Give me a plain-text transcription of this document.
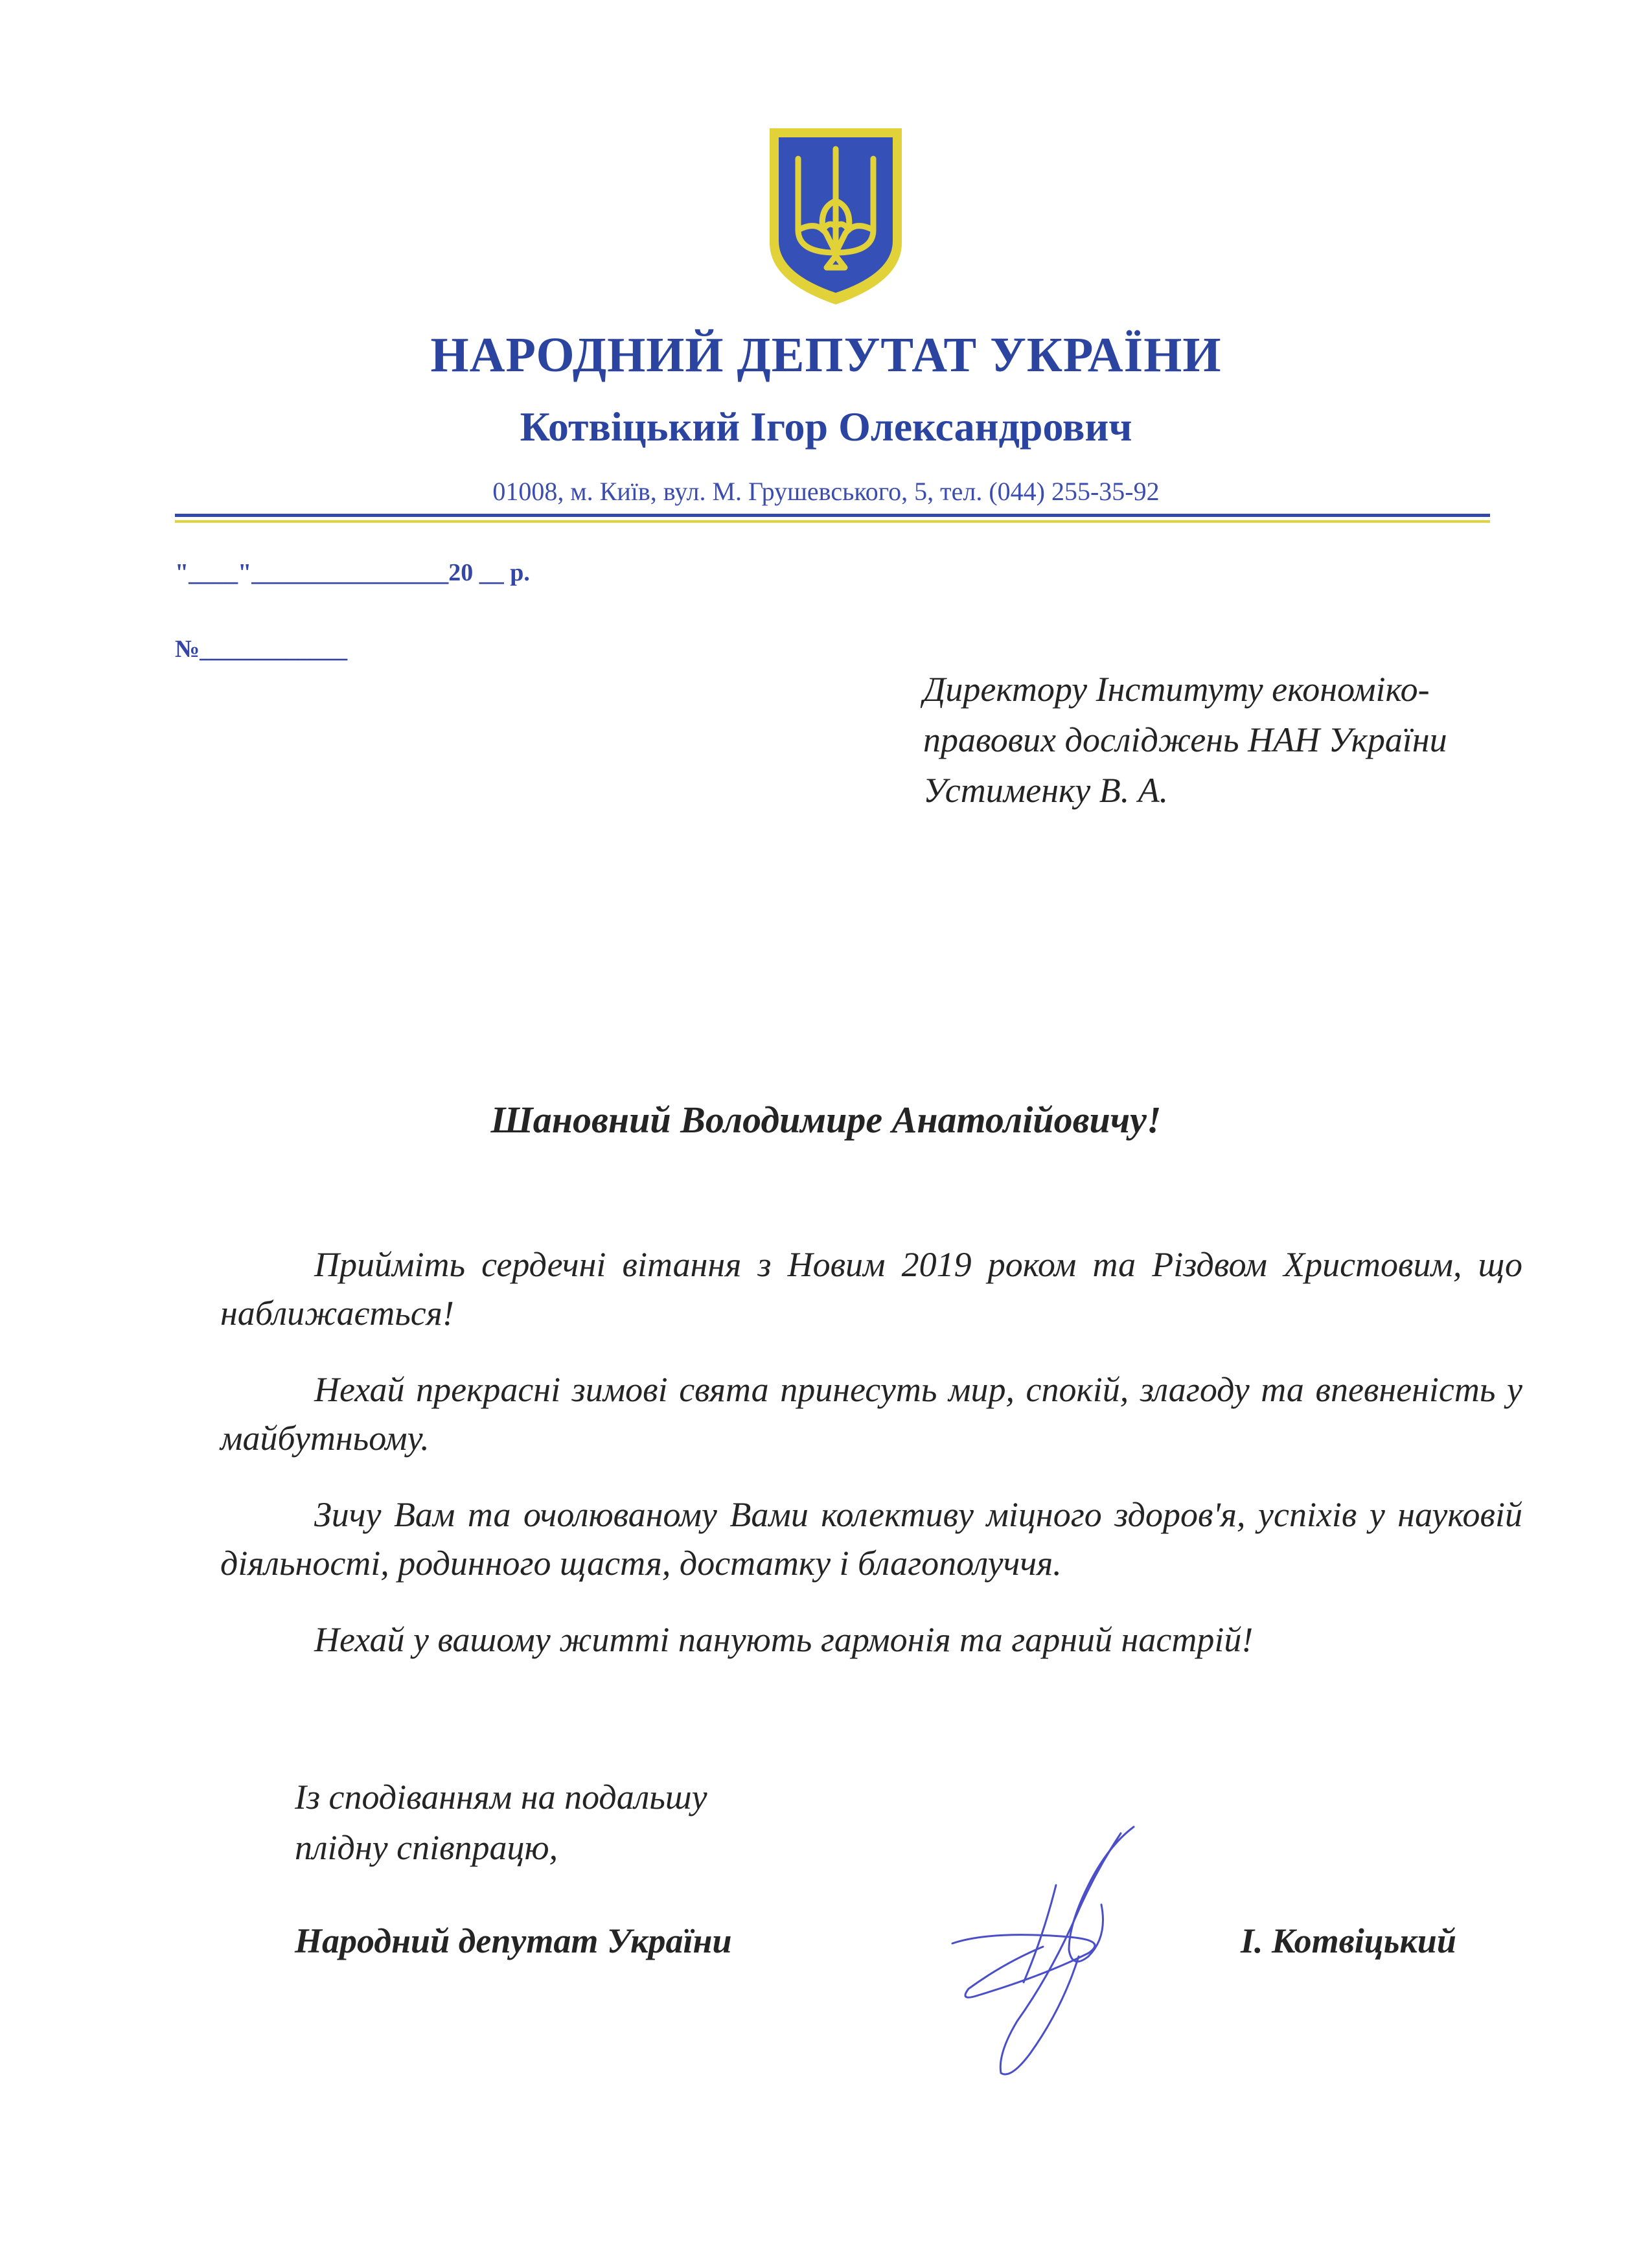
НАРОДНИЙ ДЕПУТАТ УКРАЇНИ
Котвіцький Ігор Олександрович
01008, м. Київ, вул. М. Грушевського, 5, тел. (044) 255-35-92
"____"________________20 __ р.
№____________
Директору Інституту економіко-
правових досліджень НАН України
Устименку В. А.
Шановний Володимире Анатолійовичу!

Прийміть сердечні вітання з Новим 2019 роком та Різдвом Христовим, що наближається!

Нехай прекрасні зимові свята принесуть мир, спокій, злагоду та впевненість у майбутньому.

Зичу Вам та очолюваному Вами колективу міцного здоров'я, успіхів у науковій діяльності, родинного щастя, достатку і благополуччя.

Нехай у вашому житті панують гармонія та гарний настрій!

Із сподіванням на подальшу
плідну співпрацю,
Народний депутат України	І. Котвіцький
